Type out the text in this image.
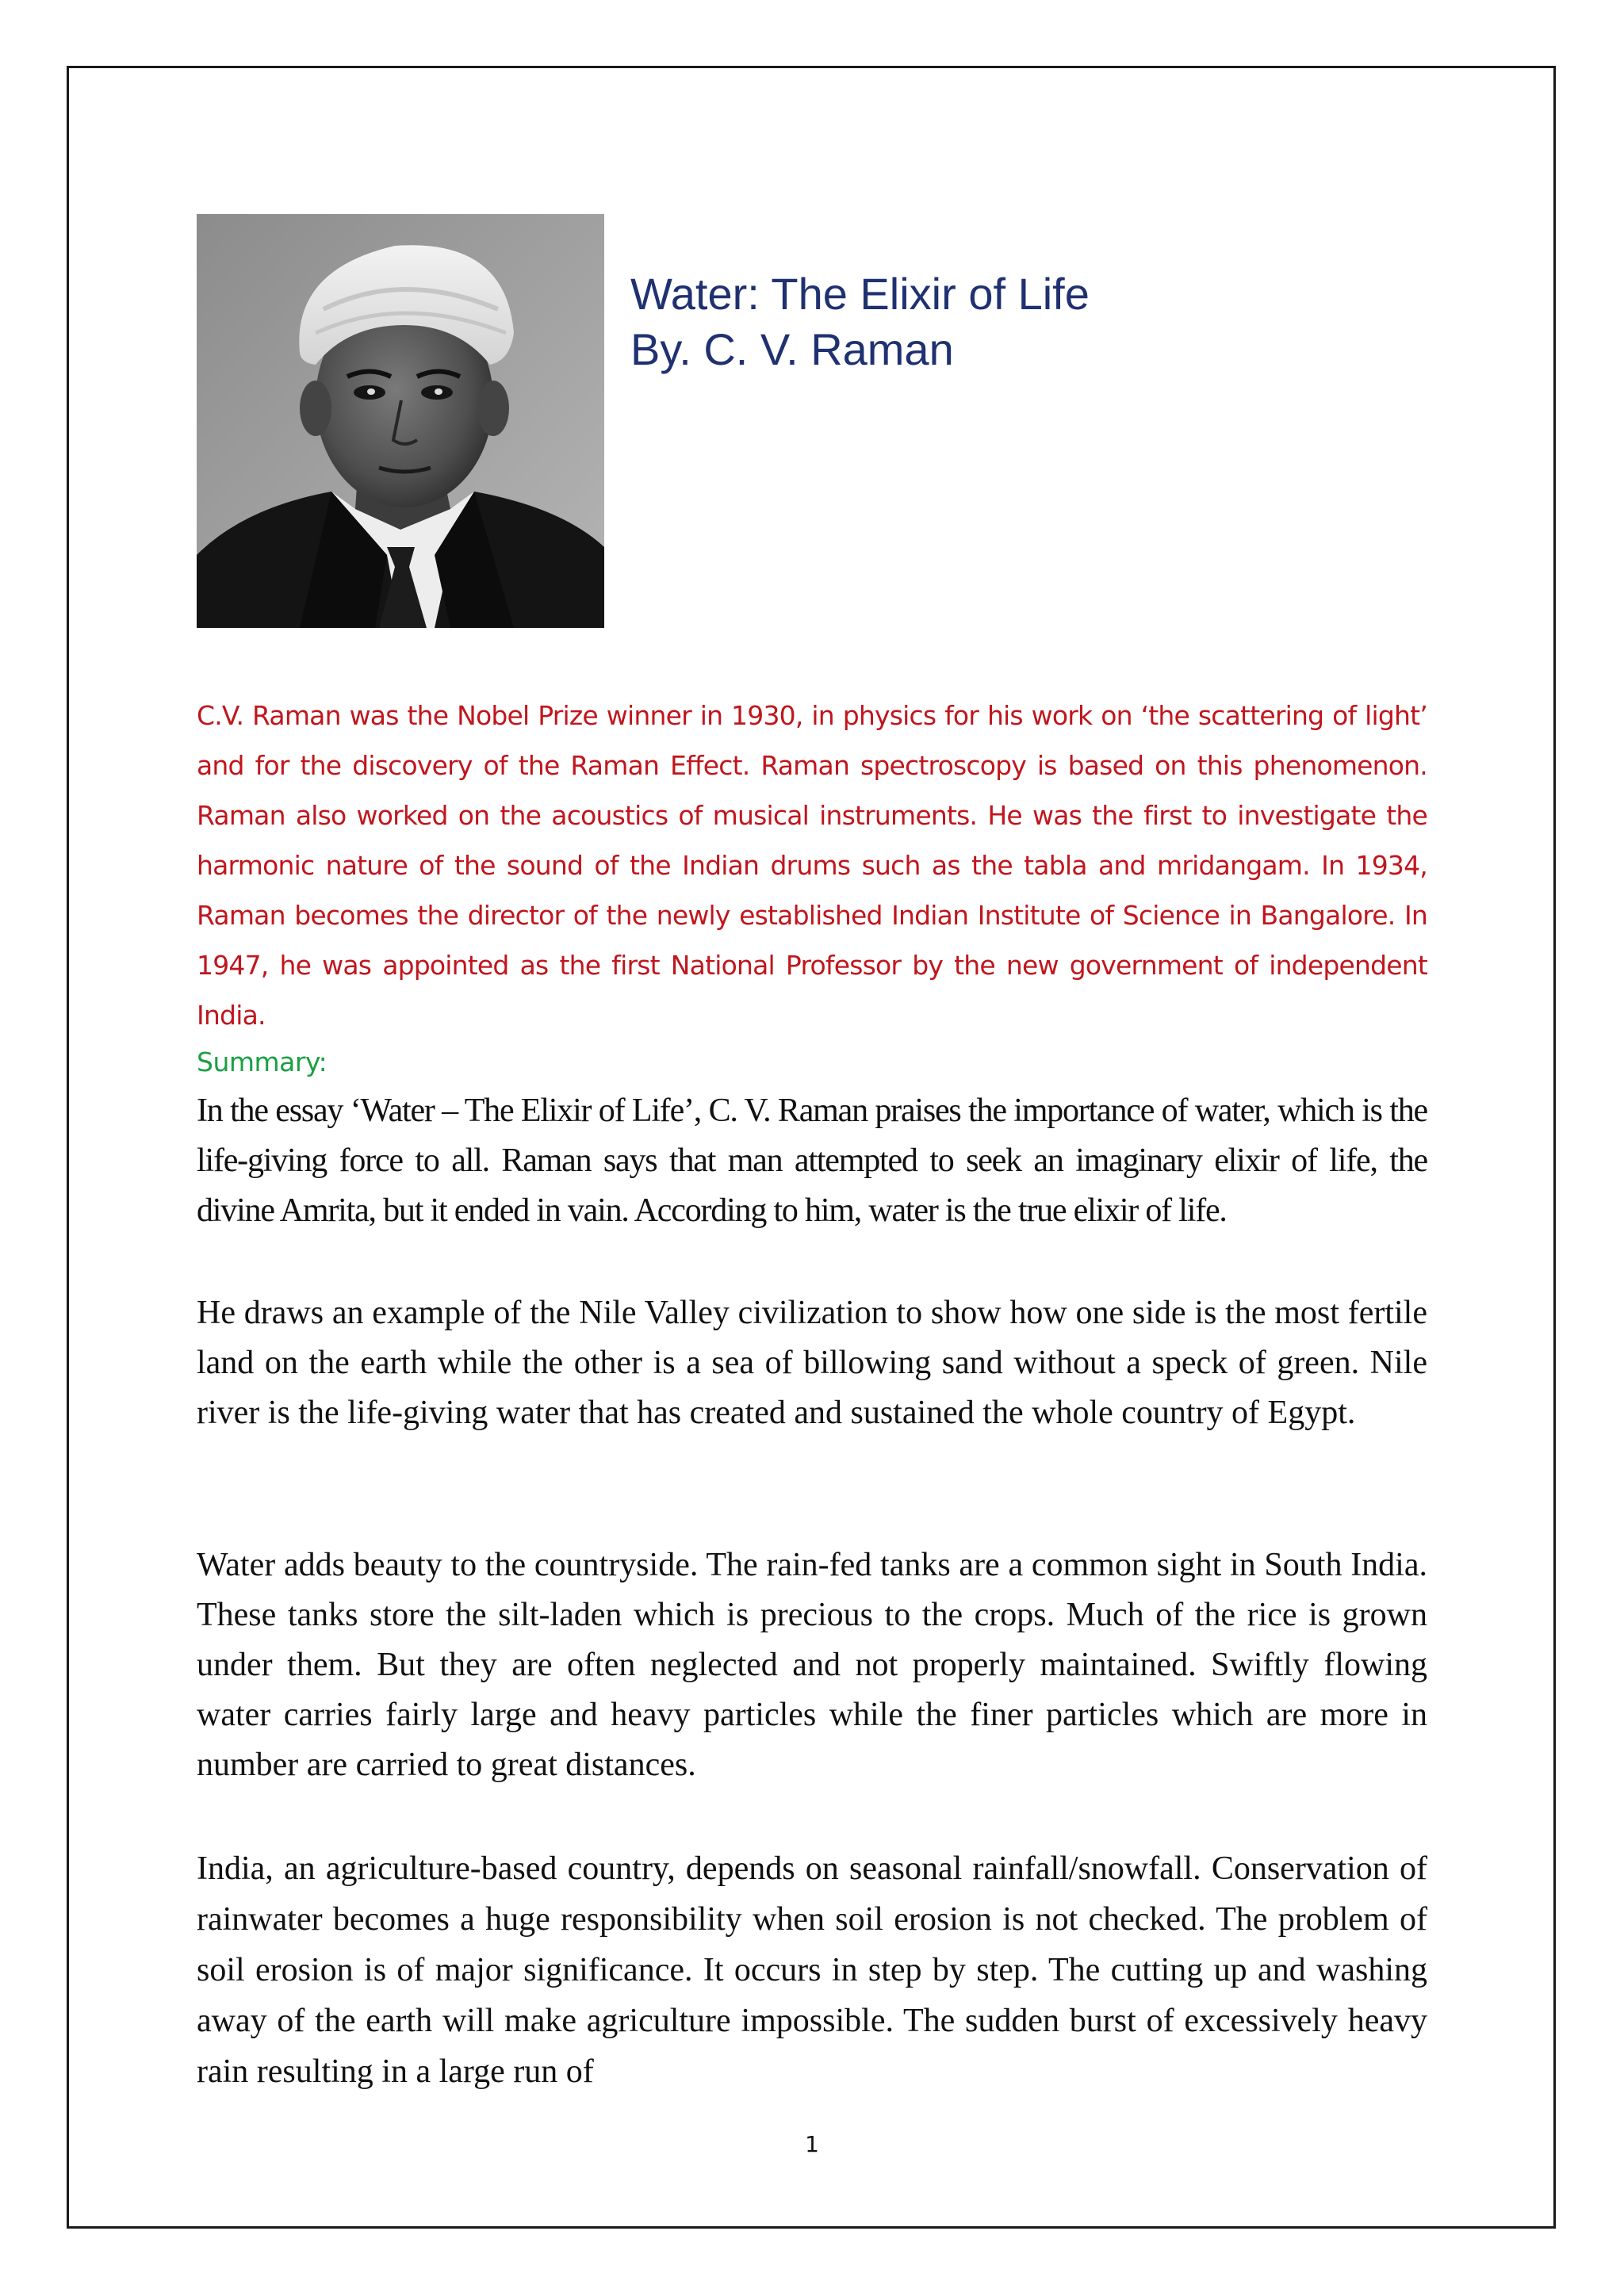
Water: The Elixir of Life
By. C. V. Raman
C.V. Raman was the Nobel Prize winner in 1930, in physics for his work on ‘the scattering of light’ and for the discovery of the Raman Effect. Raman spectroscopy is based on this phenomenon. Raman also worked on the acoustics of musical instruments. He was the first to investigate the harmonic nature of the sound of the Indian drums such as the tabla and mridangam. In 1934, Raman becomes the director of the newly established Indian Institute of Science in Bangalore. In 1947, he was appointed as the first National Professor by the new government of independent India.
Summary:
In the essay ‘Water – The Elixir of Life’, C. V. Raman praises the importance of water, which is the life-giving force to all. Raman says that man attempted to seek an imaginary elixir of life, the divine Amrita, but it ended in vain. According to him, water is the true elixir of life.
He draws an example of the Nile Valley civilization to show how one side is the most fertile land on the earth while the other is a sea of billowing sand without a speck of green. Nile river is the life-giving water that has created and sustained the whole country of Egypt.
Water adds beauty to the countryside. The rain-fed tanks are a common sight in South India. These tanks store the silt-laden which is precious to the crops. Much of the rice is grown under them. But they are often neglected and not properly maintained. Swiftly flowing water carries fairly large and heavy particles while the finer particles which are more in number are carried to great distances.
India, an agriculture-based country, depends on seasonal rainfall/snowfall. Conservation of rainwater becomes a huge responsibility when soil erosion is not checked. The problem of soil erosion is of major significance. It occurs in step by step. The cutting up and washing away of the earth will make agriculture impossible. The sudden burst of excessively heavy rain resulting in a large run of
1
